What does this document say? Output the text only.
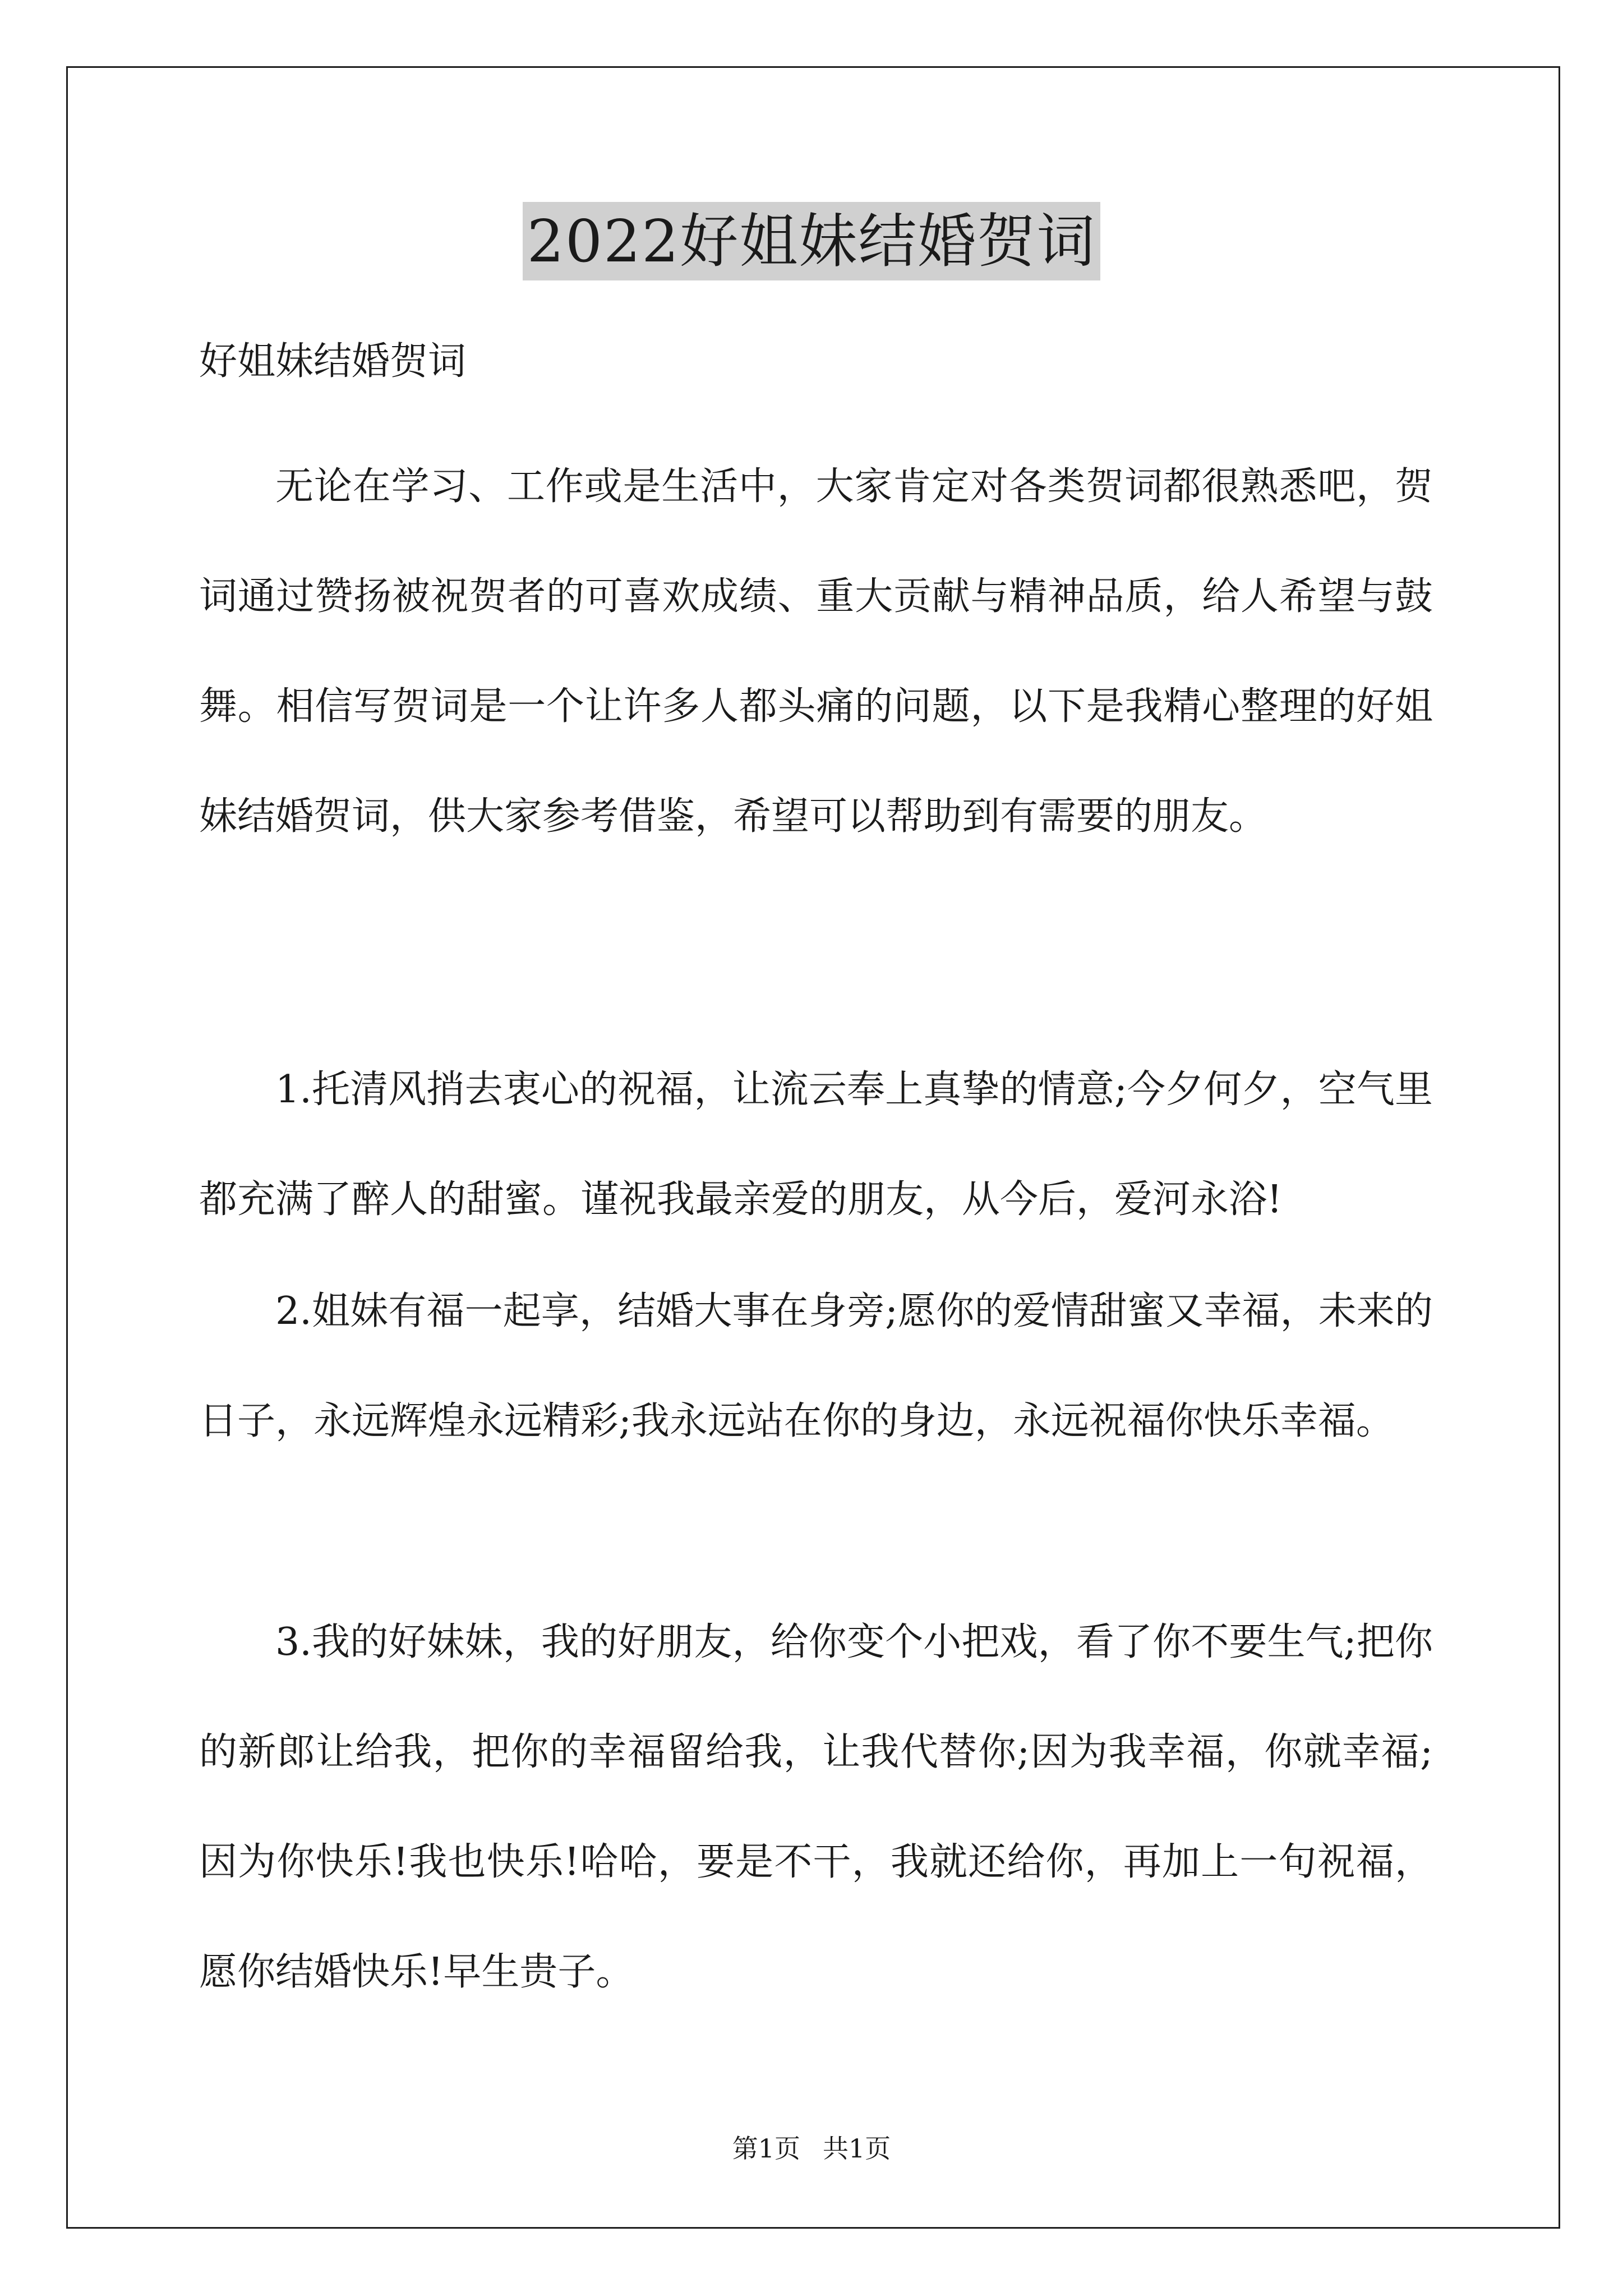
2022好姐妹结婚贺词
好姐妹结婚贺词

无论在学习、工作或是生活中，大家肯定对各类贺词都很熟悉吧，贺词通过赞扬被祝贺者的可喜欢成绩、重大贡献与精神品质，给人希望与鼓舞。相信写贺词是一个让许多人都头痛的问题，以下是我精心整理的好姐妹结婚贺词，供大家参考借鉴，希望可以帮助到有需要的朋友。

1.托清风捎去衷心的祝福，让流云奉上真挚的情意;今夕何夕，空气里都充满了醉人的甜蜜。谨祝我最亲爱的朋友，从今后，爱河永浴!

2.姐妹有福一起享，结婚大事在身旁;愿你的爱情甜蜜又幸福，未来的日子，永远辉煌永远精彩;我永远站在你的身边，永远祝福你快乐幸福。

3.我的好妹妹，我的好朋友，给你变个小把戏，看了你不要生气;把你的新郎让给我，把你的幸福留给我，让我代替你;因为我幸福，你就幸福;因为你快乐!我也快乐!哈哈，要是不干，我就还给你，再加上一句祝福，愿你结婚快乐!早生贵子。

第1页 共1页
